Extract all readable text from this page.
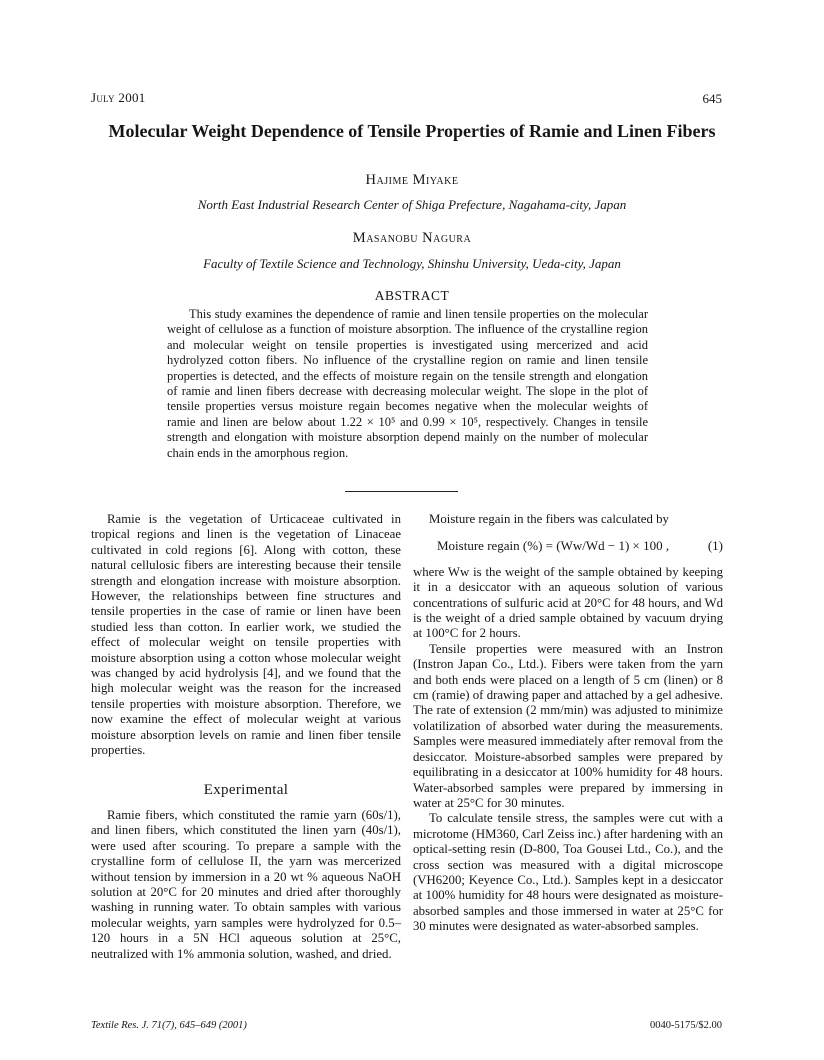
July 2001	645
Molecular Weight Dependence of Tensile Properties of Ramie and Linen Fibers
Hajime Miyake
North East Industrial Research Center of Shiga Prefecture, Nagahama-city, Japan
Masanobu Nagura
Faculty of Textile Science and Technology, Shinshu University, Ueda-city, Japan
ABSTRACT
This study examines the dependence of ramie and linen tensile properties on the molecular weight of cellulose as a function of moisture absorption. The influence of the crystalline region and molecular weight on tensile properties is investigated using mercerized and acid hydrolyzed cotton fibers. No influence of the crystalline region on ramie and linen tensile properties is detected, and the effects of moisture regain on the tensile strength and elongation of ramie and linen fibers decrease with decreasing molecular weight. The slope in the plot of tensile properties versus moisture regain becomes negative when the molecular weights of ramie and linen are below about 1.22 × 10⁵ and 0.99 × 10⁵, respectively. Changes in tensile strength and elongation with moisture absorption depend mainly on the number of molecular chain ends in the amorphous region.

Ramie is the vegetation of Urticaceae cultivated in tropical regions and linen is the vegetation of Linaceae cultivated in cold regions [6]. Along with cotton, these natural cellulosic fibers are interesting because their tensile strength and elongation increase with moisture absorption. However, the relationships between fine structures and tensile properties in the case of ramie or linen have been studied less than cotton. In earlier work, we studied the effect of molecular weight on tensile properties with moisture absorption using a cotton whose molecular weight was changed by acid hydrolysis [4], and we found that the high molecular weight was the reason for the increased tensile properties with moisture absorption. Therefore, we now examine the effect of molecular weight at various moisture absorption levels on ramie and linen fiber tensile properties.

Experimental

Ramie fibers, which constituted the ramie yarn (60s/1), and linen fibers, which constituted the linen yarn (40s/1), were used after scouring. To prepare a sample with the crystalline form of cellulose II, the yarn was mercerized without tension by immersion in a 20 wt % aqueous NaOH solution at 20°C for 20 minutes and dried after thoroughly washing in running water. To obtain samples with various molecular weights, yarn samples were hydrolyzed for 0.5–120 hours in a 5N HCl aqueous solution at 25°C, neutralized with 1% ammonia solution, washed, and dried.

Moisture regain in the fibers was calculated by

Moisture regain (%) = (Ww/Wd − 1) × 100 ,	(1)

where Ww is the weight of the sample obtained by keeping it in a desiccator with an aqueous solution of various concentrations of sulfuric acid at 20°C for 48 hours, and Wd is the weight of a dried sample obtained by vacuum drying at 100°C for 2 hours.

Tensile properties were measured with an Instron (Instron Japan Co., Ltd.). Fibers were taken from the yarn and both ends were placed on a length of 5 cm (linen) or 8 cm (ramie) of drawing paper and attached by a gel adhesive. The rate of extension (2 mm/min) was adjusted to minimize volatilization of absorbed water during the measurements. Samples were measured immediately after removal from the desiccator. Moisture-absorbed samples were prepared by equilibrating in a desiccator at 100% humidity for 48 hours. Water-absorbed samples were prepared by immersing in water at 25°C for 30 minutes.

To calculate tensile stress, the samples were cut with a microtome (HM360, Carl Zeiss inc.) after hardening with an optical-setting resin (D-800, Toa Gousei Ltd., Co.), and the cross section was measured with a digital microscope (VH6200; Keyence Co., Ltd.). Samples kept in a desiccator at 100% humidity for 48 hours were designated as moisture-absorbed samples and those immersed in water at 25°C for 30 minutes were designated as water-absorbed samples.

Textile Res. J. 71(7), 645–649 (2001)	0040-5175/$2.00
